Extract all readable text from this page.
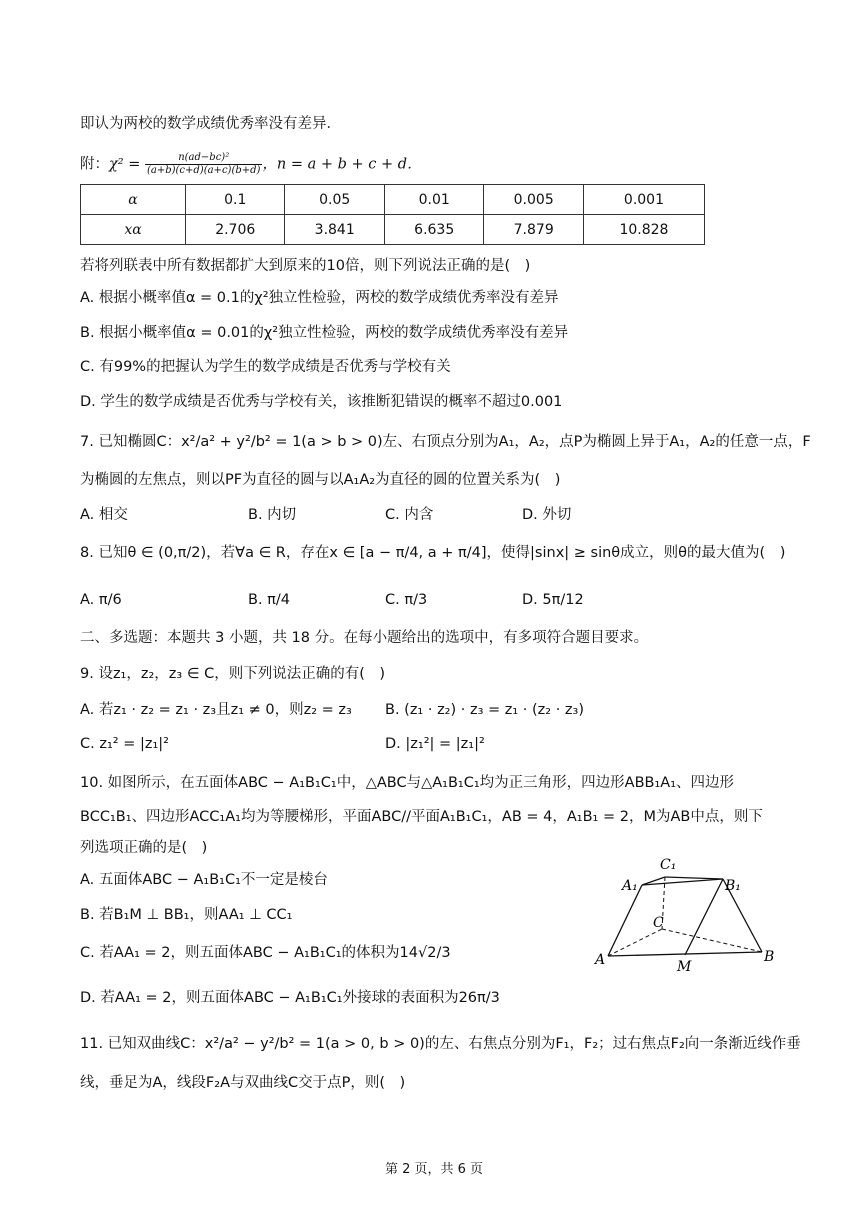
即认为两校的数学成绩优秀率没有差异．
附：$\chi^2 = \frac{\text{n(ad−bc)²}}{(a+b)(c+d)(a+c)(b+d)}$ ，n = a + b + c + d．
α	0.1	0.05	0.01	0.005	0.001
xα	2.706	3.841	6.635	7.879	10.828
若将列联表中所有数据都扩大到原来的10倍，则下列说法正确的是(　)
A. 根据小概率值α = 0.1的χ²独立性检验，两校的数学成绩优秀率没有差异
B. 根据小概率值α = 0.01的χ²独立性检验，两校的数学成绩优秀率没有差异
C. 有99%的把握认为学生的数学成绩是否优秀与学校有关
D. 学生的数学成绩是否优秀与学校有关，该推断犯错误的概率不超过0.001
7. 已知椭圆C：x²/a² + y²/b² = 1(a > b > 0)左、右顶点分别为A₁，A₂，点P为椭圆上异于A₁，A₂的任意一点，F
为椭圆的左焦点，则以PF为直径的圆与以A₁A₂为直径的圆的位置关系为(　)
A. 相交	B. 内切	C. 内含	D. 外切
8. 已知θ ∈ (0,π/2)，若∀a ∈ R，存在x ∈ [a − π/4, a + π/4]，使得|sinx| ≥ sinθ成立，则θ的最大值为(　)
A. π/6	B. π/4	C. π/3	D. 5π/12
二、多选题：本题共 3 小题，共 18 分。在每小题给出的选项中，有多项符合题目要求。
9. 设z₁，z₂，z₃ ∈ C，则下列说法正确的有(　)
A. 若z₁ · z₂ = z₁ · z₃且z₁ ≠ 0，则z₂ = z₃ B. (z₁ · z₂) · z₃ = z₁ · (z₂ · z₃)
C. z₁² = |z₁|²	D. |z₁²| = |z₁|²
10. 如图所示，在五面体ABC − A₁B₁C₁中，△ABC与△A₁B₁C₁均为正三角形，四边形ABB₁A₁、四边形
BCC₁B₁、四边形ACC₁A₁均为等腰梯形，平面ABC//平面A₁B₁C₁，AB = 4，A₁B₁ = 2，M为AB中点，则下
列选项正确的是(　)
A. 五面体ABC − A₁B₁C₁不一定是棱台
B. 若B₁M ⊥ BB₁，则AA₁ ⊥ CC₁
C. 若AA₁ = 2，则五面体ABC − A₁B₁C₁的体积为14√2/3
D. 若AA₁ = 2，则五面体ABC − A₁B₁C₁外接球的表面积为26π/3
C₁
A₁	B₁
C
A	M
B
11. 已知双曲线C：x²/a² − y²/b² = 1(a > 0, b > 0)的左、右焦点分别为F₁，F₂；过右焦点F₂向一条渐近线作垂
线，垂足为A，线段F₂A与双曲线C交于点P，则(　)
第 2 页，共 6 页
